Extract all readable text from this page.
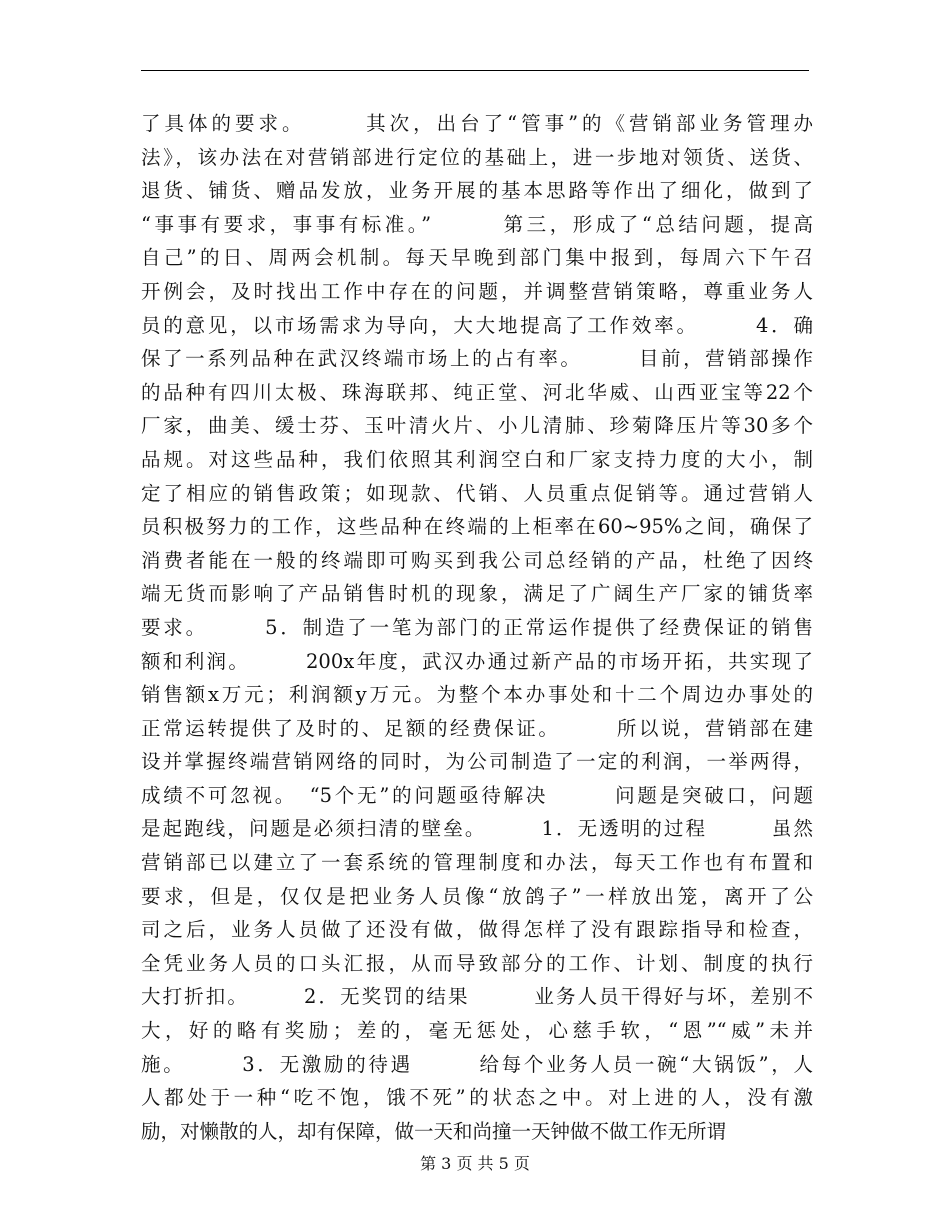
了具体的要求。　　　其次，出台了“管事”的《营销部业务管理办
法》，该办法在对营销部进行定位的基础上，进一步地对领货、送货、
退货、铺货、赠品发放，业务开展的基本思路等作出了细化，做到了
“事事有要求，事事有标准。”　　　第三，形成了“总结问题，提高
自己”的日、周两会机制。每天早晚到部门集中报到，每周六下午召
开例会，及时找出工作中存在的问题，并调整营销策略，尊重业务人
员的意见，以市场需求为导向，大大地提高了工作效率。　　　4．确
保了一系列品种在武汉终端市场上的占有率。　　　目前，营销部操作
的品种有四川太极、珠海联邦、纯正堂、河北华威、山西亚宝等22个
厂家，曲美、缓士芬、玉叶清火片、小儿清肺、珍菊降压片等30多个
品规。对这些品种，我们依照其利润空白和厂家支持力度的大小，制
定了相应的销售政策；如现款、代销、人员重点促销等。通过营销人
员积极努力的工作，这些品种在终端的上柜率在60~95%之间，确保了
消费者能在一般的终端即可购买到我公司总经销的产品，杜绝了因终
端无货而影响了产品销售时机的现象，满足了广阔生产厂家的铺货率
要求。　　　5．制造了一笔为部门的正常运作提供了经费保证的销售
额和利润。　　　200x年度，武汉办通过新产品的市场开拓，共实现了
销售额x万元；利润额y万元。为整个本办事处和十二个周边办事处的
正常运转提供了及时的、足额的经费保证。　　　所以说，营销部在建
设并掌握终端营销网络的同时，为公司制造了一定的利润，一举两得，
成绩不可忽视。　“5个无”的问题亟待解决　　　问题是突破口，问题
是起跑线，问题是必须扫清的壁垒。　　　1．无透明的过程　　　虽然
营销部已以建立了一套系统的管理制度和办法，每天工作也有布置和
要求，但是，仅仅是把业务人员像“放鸽子”一样放出笼，离开了公
司之后，业务人员做了还没有做，做得怎样了没有跟踪指导和检查，
全凭业务人员的口头汇报，从而导致部分的工作、计划、制度的执行
大打折扣。　　　2．无奖罚的结果　　　业务人员干得好与坏，差别不
大，好的略有奖励；差的，毫无惩处，心慈手软，“恩”“威”未并
施。　　　3．无激励的待遇　　　给每个业务人员一碗“大锅饭”，人
人都处于一种“吃不饱，饿不死”的状态之中。对上进的人，没有激
励，对懒散的人，却有保障，做一天和尚撞一天钟做不做工作无所谓
第 3 页 共 5 页
